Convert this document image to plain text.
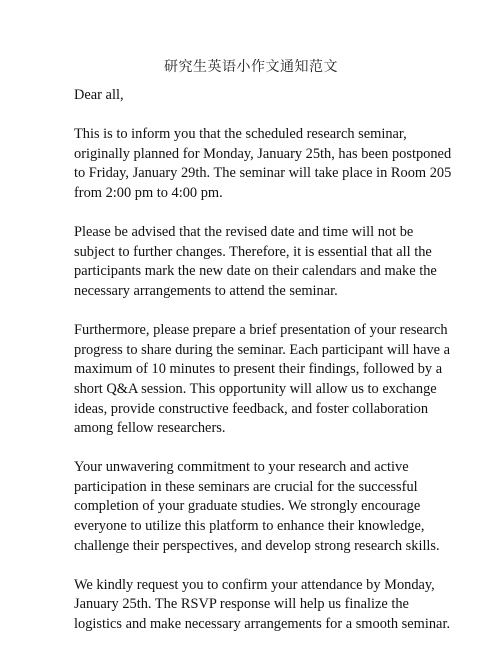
研究生英语小作文通知范文

Dear all,

This is to inform you that the scheduled research seminar, originally planned for Monday, January 25th, has been postponed to Friday, January 29th. The seminar will take place in Room 205 from 2:00 pm to 4:00 pm.

Please be advised that the revised date and time will not be subject to further changes. Therefore, it is essential that all the participants mark the new date on their calendars and make the necessary arrangements to attend the seminar.

Furthermore, please prepare a brief presentation of your research progress to share during the seminar. Each participant will have a maximum of 10 minutes to present their findings, followed by a short Q&A session. This opportunity will allow us to exchange ideas, provide constructive feedback, and foster collaboration among fellow researchers.

Your unwavering commitment to your research and active participation in these seminars are crucial for the successful completion of your graduate studies. We strongly encourage everyone to utilize this platform to enhance their knowledge, challenge their perspectives, and develop strong research skills.

We kindly request you to confirm your attendance by Monday, January 25th. The RSVP response will help us finalize the logistics and make necessary arrangements for a smooth seminar.
